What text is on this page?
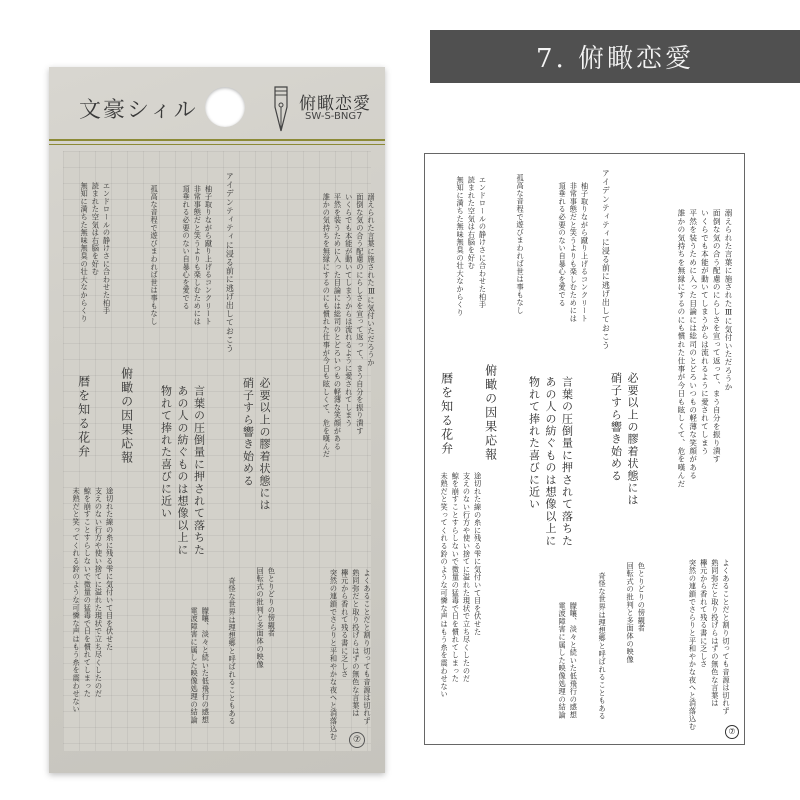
7. 俯瞰恋愛
文豪シィル	俯瞰恋愛
SW-S-BNG7
溺えられた言葉に施されたⅢに気付いただろうか
面倒な気の合う配慮のにらしさを宣って返って、まう自分を振り潰す
いくらでも本能が動いてしまうからは流れるように愛されてしまう
平然を装うために入った目論には総司のとどろいつもの軽薄な笑顔がある
誰かの気持ちを無縁にするのにも慣れた仕事が今日も眩しくて、危を嘆んだ
アイデンティティに浸る前に逃げ出しておこう
柚子取りながら蹴り上げるコンクリート
非常事態だと笑うよりも楽しむためには
頂垂れる必要のない自暴心を愛でる
孤高な音程で遊びまわれば世は事もなし
エンドロールの静けさに合わせた柏手
読まれた空気は右脳を好む
無知に満ちた無味無臭の壮大なからくり
必要以上の膠着状態には
硝子すら響き始める
言葉の圧倒量に押されて落ちた
あの人の紡ぐものは想像以上に
物れて捧れた喜びに近い
俯瞰の因果応報
暦を知る花弁
よくあることだと割り切っても音源は切れず
熟同弥だと取り投げらはずの無色な言葉は
欅元から香れて残る書に乏しさ
突然の連鎖でさらりと平和やかな夜へと消落込む
色とりどりの傍観者
回転式の批判と多面体の映像
奇怪な世界は理想郷と呼ばれることもある
朦嚷、淡々と続いた低飛行の感想
電波障害に属した映像処理の結論
途切れた線の糸に残る雫に気付いて目を伏せた
支えのない行方や使い捨てに溢れた現状で立ち尽くしたのだ
鯨を崩すことすらしないで微量の猛毒で日を慣れてしまった
未熟だと笑ってくれる鈴のような可憐な声はもう糸を震わせない
⑦
溺えられた言葉に施されたⅢに気付いただろうか
面倒な気の合う配慮のにらしさを宣って返って、まう自分を振り潰す
いくらでも本能が動いてしまうからは流れるように愛されてしまう
平然を装うために入った目論には総司のとどろいつもの軽薄な笑顔がある
誰かの気持ちを無縁にするのにも慣れた仕事が今日も眩しくて、危を嘆んだ
アイデンティティに浸る前に逃げ出しておこう
柚子取りながら蹴り上げるコンクリート
非常事態だと笑うよりも楽しむためには
頂垂れる必要のない自暴心を愛でる
孤高な音程で遊びまわれば世は事もなし
エンドロールの静けさに合わせた柏手
読まれた空気は右脳を好む
無知に満ちた無味無臭の壮大なからくり
必要以上の膠着状態には
硝子すら響き始める
言葉の圧倒量に押されて落ちた
あの人の紡ぐものは想像以上に
物れて捧れた喜びに近い
俯瞰の因果応報
暦を知る花弁
よくあることだと割り切っても音源は切れず
熟同弥だと取り投げらはずの無色な言葉は
欅元から香れて残る書に乏しさ
突然の連鎖でさらりと平和やかな夜へと消落込む
色とりどりの傍観者
回転式の批判と多面体の映像
奇怪な世界は理想郷と呼ばれることもある
朦嚷、淡々と続いた低飛行の感想
電波障害に属した映像処理の結論
途切れた線の糸に残る雫に気付いて目を伏せた
支えのない行方や使い捨てに溢れた現状で立ち尽くしたのだ
鯨を崩すことすらしないで微量の猛毒で日を慣れてしまった
未熟だと笑ってくれる鈴のような可憐な声はもう糸を震わせない
⑦
